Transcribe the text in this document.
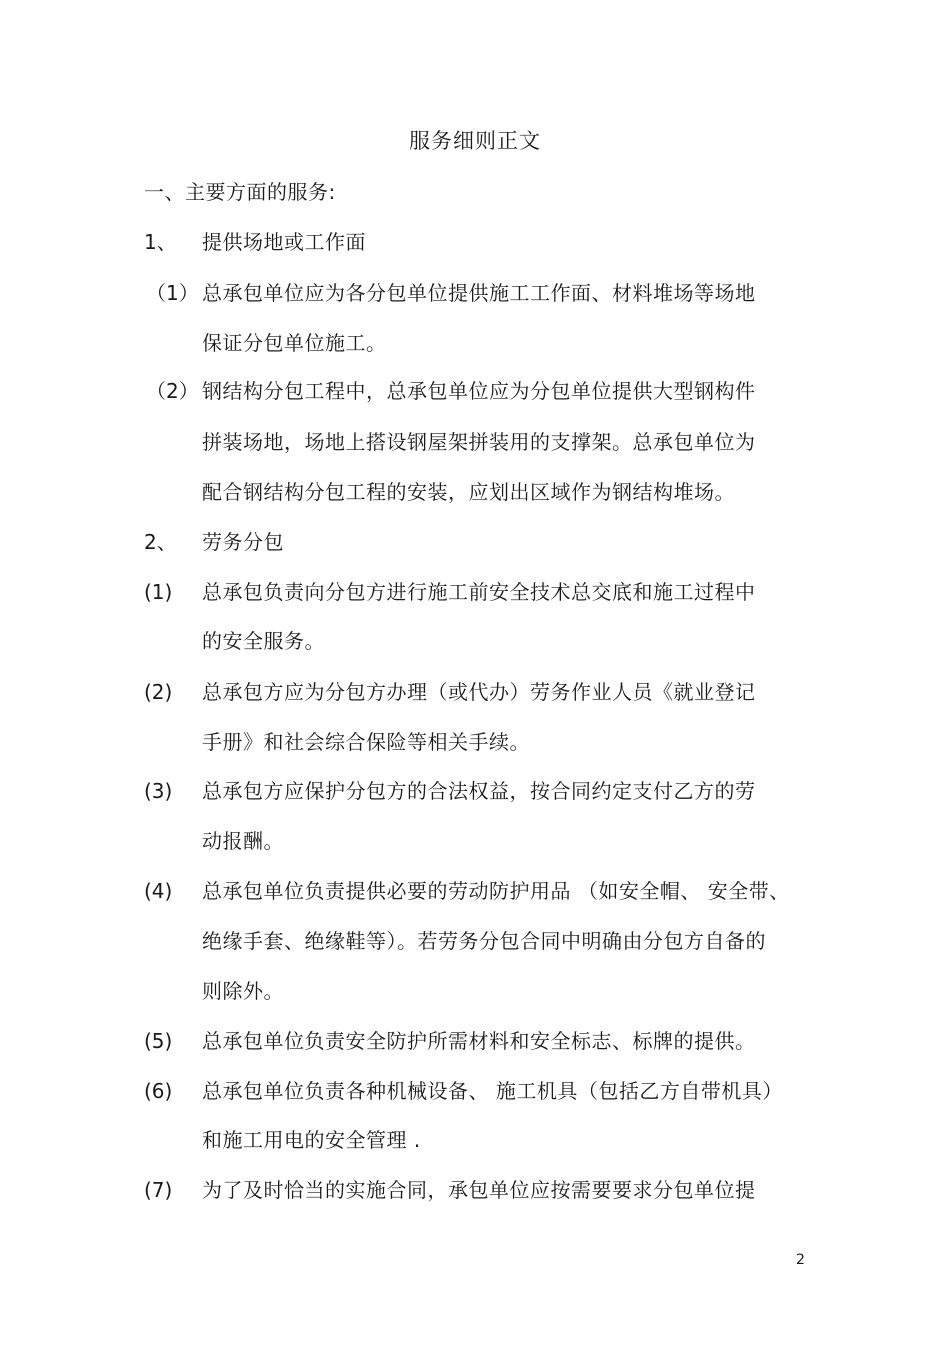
服务细则正文
一、主要方面的服务:
1、 提供场地或工作面
（1） 总承包单位应为各分包单位提供施工工作面、材料堆场等场地
保证分包单位施工。
（2） 钢结构分包工程中，总承包单位应为分包单位提供大型钢构件
拼装场地，场地上搭设钢屋架拼装用的支撑架。总承包单位为
配合钢结构分包工程的安装，应划出区域作为钢结构堆场。
2、 劳务分包
(1) 总承包负责向分包方进行施工前安全技术总交底和施工过程中
的安全服务。
(2) 总承包方应为分包方办理（或代办）劳务作业人员《就业登记
手册》和社会综合保险等相关手续。
(3) 总承包方应保护分包方的合法权益，按合同约定支付乙方的劳
动报酬。
(4) 总承包单位负责提供必要的劳动防护用品 （如安全帽、 安全带、
绝缘手套、绝缘鞋等）。若劳务分包合同中明确由分包方自备的
则除外。
(5) 总承包单位负责安全防护所需材料和安全标志、标牌的提供。
(6) 总承包单位负责各种机械设备、 施工机具（包括乙方自带机具）
和施工用电的安全管理 .
(7) 为了及时恰当的实施合同，承包单位应按需要要求分包单位提
2
